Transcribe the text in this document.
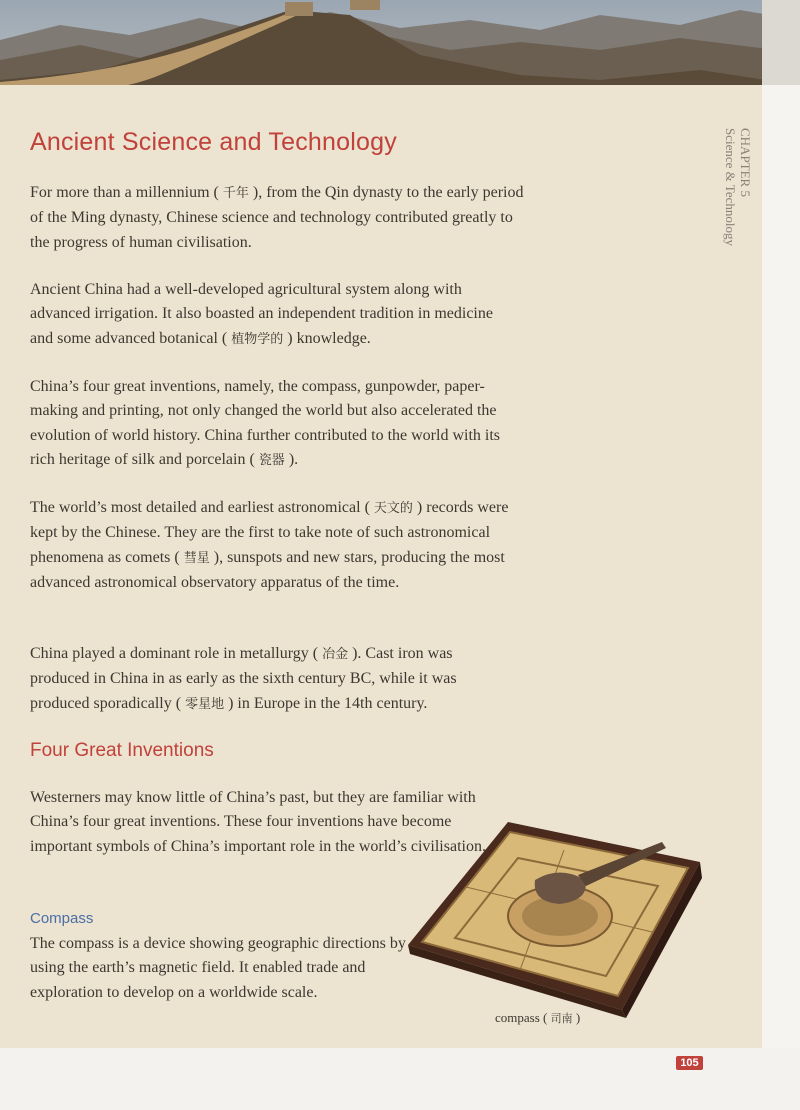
CHAPTER 5
Science & Technology
Ancient Science and Technology

For more than a millennium ( 千年 ), from the Qin dynasty to the early period of the Ming dynasty, Chinese science and technology contributed greatly to the progress of human civilisation.

Ancient China had a well-developed agricultural system along with advanced irrigation. It also boasted an independent tradition in medicine and some advanced botanical ( 植物学的 ) knowledge.

China’s four great inventions, namely, the compass, gunpowder, paper-making and printing, not only changed the world but also accelerated the evolution of world history. China further contributed to the world with its rich heritage of silk and porcelain ( 瓷器 ).

The world’s most detailed and earliest astronomical ( 天文的 ) records were kept by the Chinese. They are the first to take note of such astronomical phenomena as comets ( 彗星 ), sunspots and new stars, producing the most advanced astronomical observatory apparatus of the time.

China played a dominant role in metallurgy ( 冶金 ). Cast iron was produced in China in as early as the sixth century BC, while it was produced sporadically ( 零星地 ) in Europe in the 14th century.

Four Great Inventions

Westerners may know little of China’s past, but they are familiar with China’s four great inventions. These four inventions have become important symbols of China’s important role in the world’s civilisation.

Compass

The compass is a device showing geographic directions by using the earth’s magnetic field. It enabled trade and exploration to develop on a worldwide scale.

compass ( 司南 )
105
